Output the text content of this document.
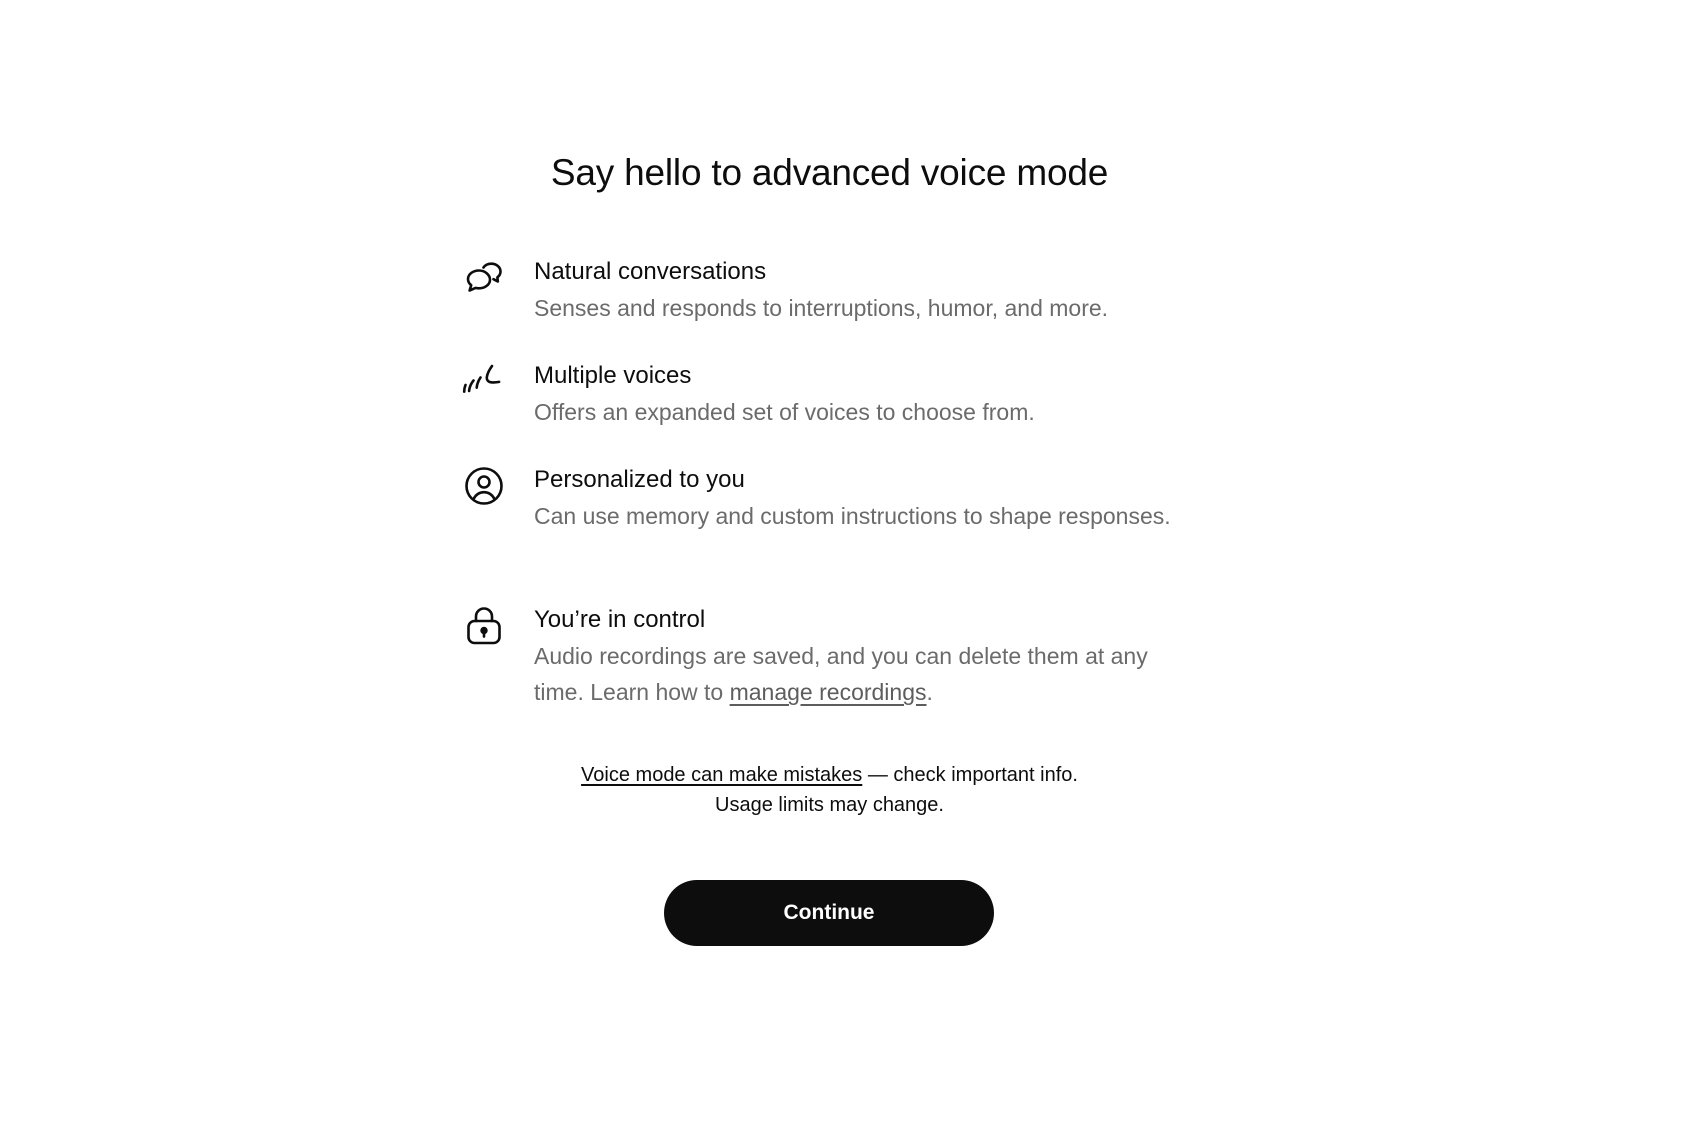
Say hello to advanced voice mode
Natural conversations
Senses and responds to interruptions, humor, and more.
Multiple voices
Offers an expanded set of voices to choose from.
Personalized to you
Can use memory and custom instructions to shape responses.
You’re in control
Audio recordings are saved, and you can delete them at any time. Learn how to manage recordings.
Voice mode can make mistakes — check important info.
Usage limits may change.
Continue
